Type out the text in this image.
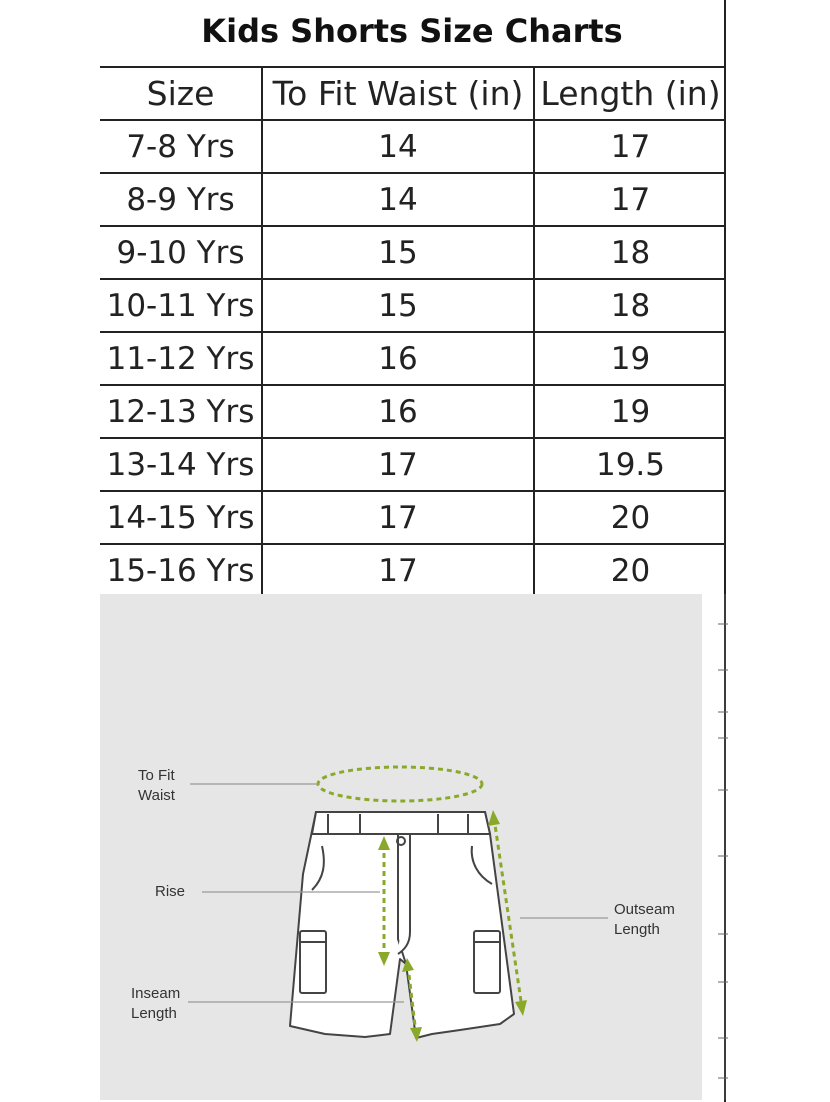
Kids Shorts Size Charts
Size	To Fit Waist (in)	Length (in)
7-8 Yrs	14	17
8-9 Yrs	14	17
9-10 Yrs	15	18
10-11 Yrs	15	18
11-12 Yrs	16	19
12-13 Yrs	16	19
13-14 Yrs	17	19.5
14-15 Yrs	17	20
15-16 Yrs	17	20
To Fit
Waist
Rise
Inseam
Length
Outseam
Length
